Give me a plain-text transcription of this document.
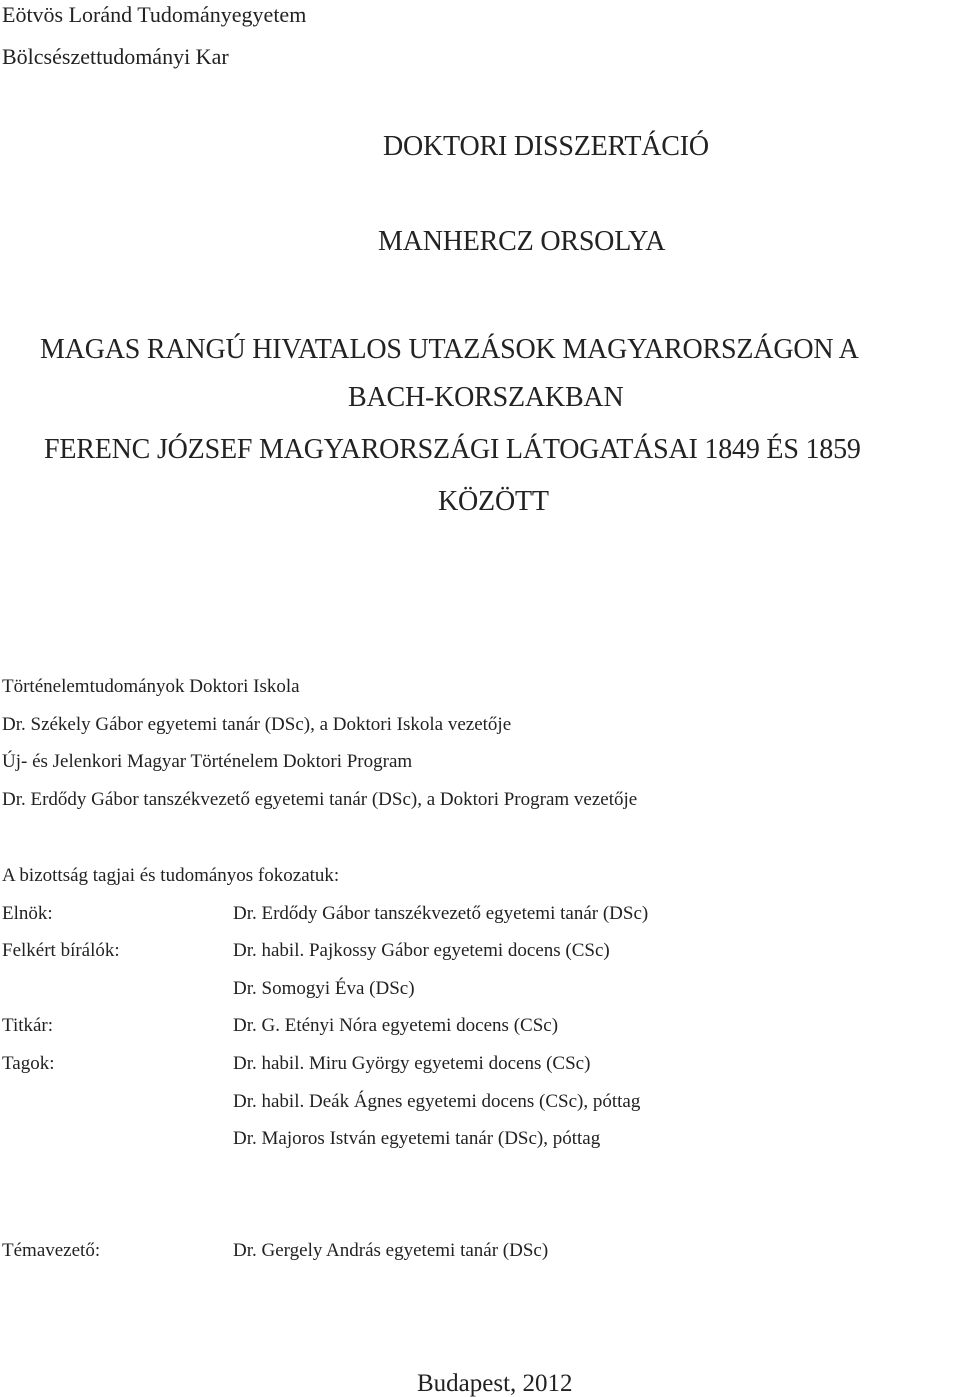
Eötvös Loránd Tudományegyetem
Bölcsészettudományi Kar
DOKTORI DISSZERTÁCIÓ
MANHERCZ ORSOLYA
MAGAS RANGÚ HIVATALOS UTAZÁSOK MAGYARORSZÁGON A
BACH-KORSZAKBAN
FERENC JÓZSEF MAGYARORSZÁGI LÁTOGATÁSAI 1849 ÉS 1859
KÖZÖTT
Történelemtudományok Doktori Iskola
Dr. Székely Gábor egyetemi tanár (DSc), a Doktori Iskola vezetője
Új- és Jelenkori Magyar Történelem Doktori Program
Dr. Erdődy Gábor tanszékvezető egyetemi tanár (DSc), a Doktori Program vezetője
A bizottság tagjai és tudományos fokozatuk:
Elnök:	Dr. Erdődy Gábor tanszékvezető egyetemi tanár (DSc)
Felkért bírálók:	Dr. habil. Pajkossy Gábor egyetemi docens (CSc)
Dr. Somogyi Éva (DSc)
Titkár:	Dr. G. Etényi Nóra egyetemi docens (CSc)
Tagok:	Dr. habil. Miru György egyetemi docens (CSc)
Dr. habil. Deák Ágnes egyetemi docens (CSc), póttag
Dr. Majoros István egyetemi tanár (DSc), póttag
Témavezető:	Dr. Gergely András egyetemi tanár (DSc)
Budapest, 2012
